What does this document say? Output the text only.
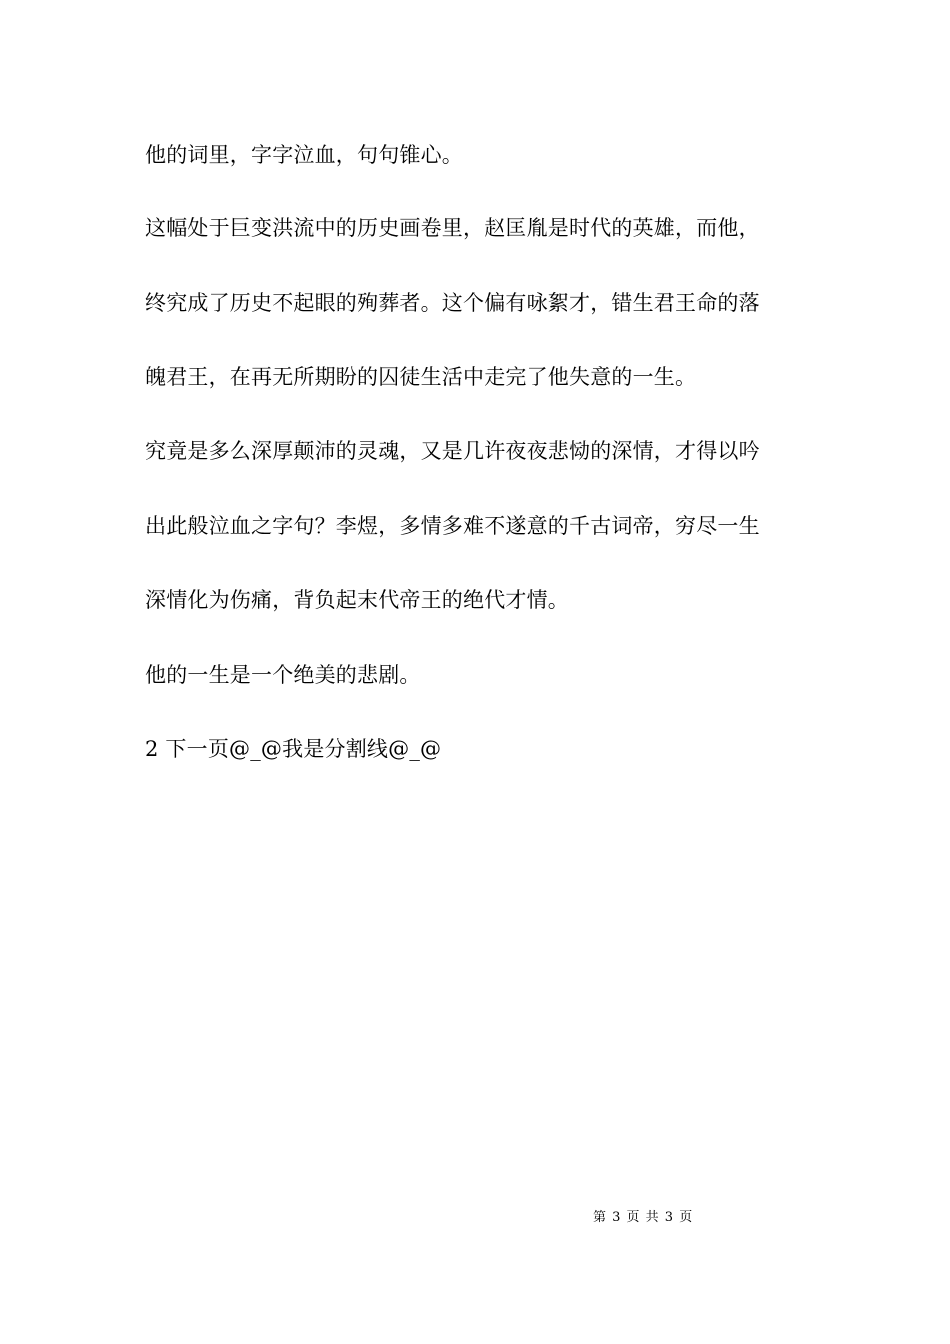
他的词里，字字泣血，句句锥心。
这幅处于巨变洪流中的历史画卷里，赵匡胤是时代的英雄，而他，
终究成了历史不起眼的殉葬者。这个偏有咏絮才，错生君王命的落
魄君王，在再无所期盼的囚徒生活中走完了他失意的一生。
究竟是多么深厚颠沛的灵魂，又是几许夜夜悲恸的深情，才得以吟
出此般泣血之字句？李煜，多情多难不遂意的千古词帝，穷尽一生
深情化为伤痛，背负起末代帝王的绝代才情。
他的一生是一个绝美的悲剧。
2 下一页@_@我是分割线@_@
第 3 页 共 3 页
